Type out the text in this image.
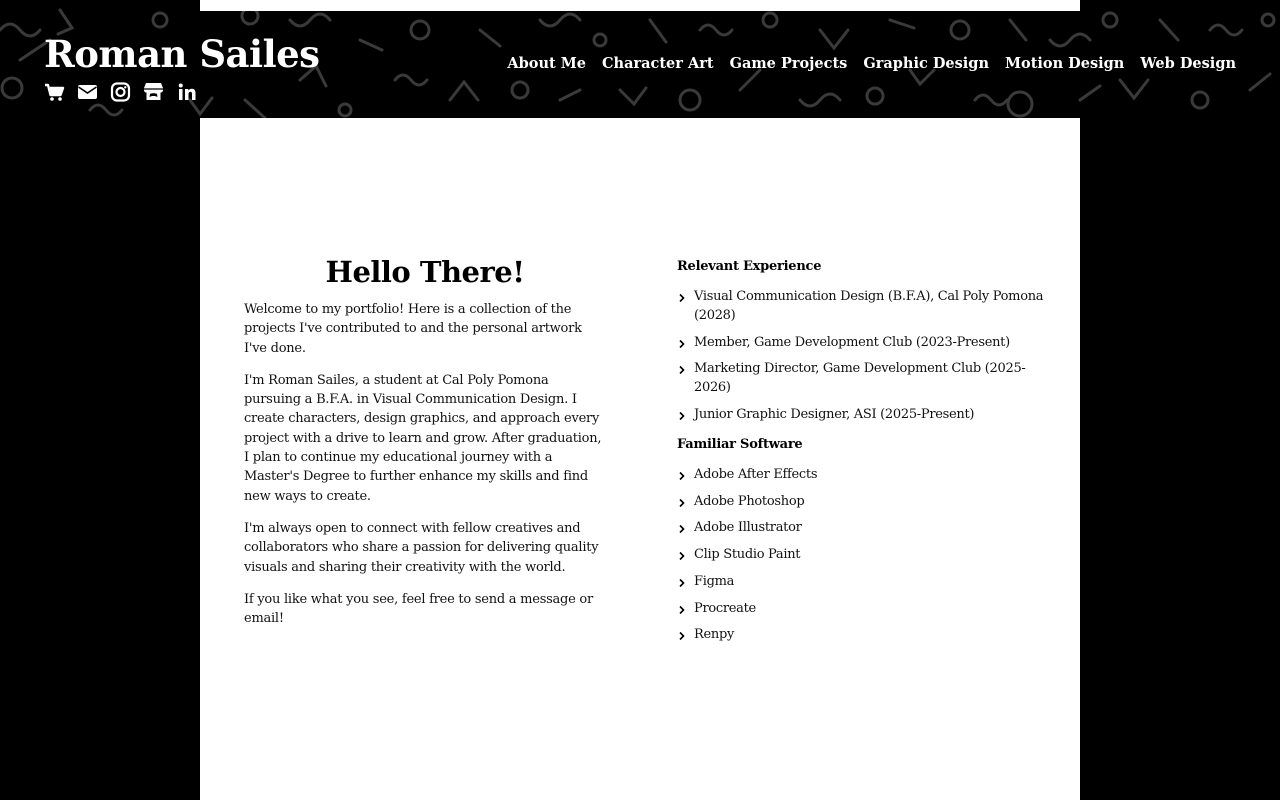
Roman Sailes	About Me Character Art Game Projects Graphic Design Motion Design Web Design
Hello There!

Welcome to my portfolio! Here is a collection of the projects I've contributed to and the personal artwork I've done.

I'm Roman Sailes, a student at Cal Poly Pomona pursuing a B.F.A. in Visual Communication Design. I create characters, design graphics, and approach every project with a drive to learn and grow. After graduation, I plan to continue my educational journey with a Master's Degree to further enhance my skills and find new ways to create.

I'm always open to connect with fellow creatives and collaborators who share a passion for delivering quality visuals and sharing their creativity with the world.

If you like what you see, feel free to send a message or email!

Relevant Experience
Visual Communication Design (B.F.A), Cal Poly Pomona (2028)
Member, Game Development Club (2023-Present)
Marketing Director, Game Development Club (2025-2026)
Junior Graphic Designer, ASI (2025-Present)
Familiar Software
Adobe After Effects
Adobe Photoshop
Adobe Illustrator
Clip Studio Paint
Figma
Procreate
Renpy
